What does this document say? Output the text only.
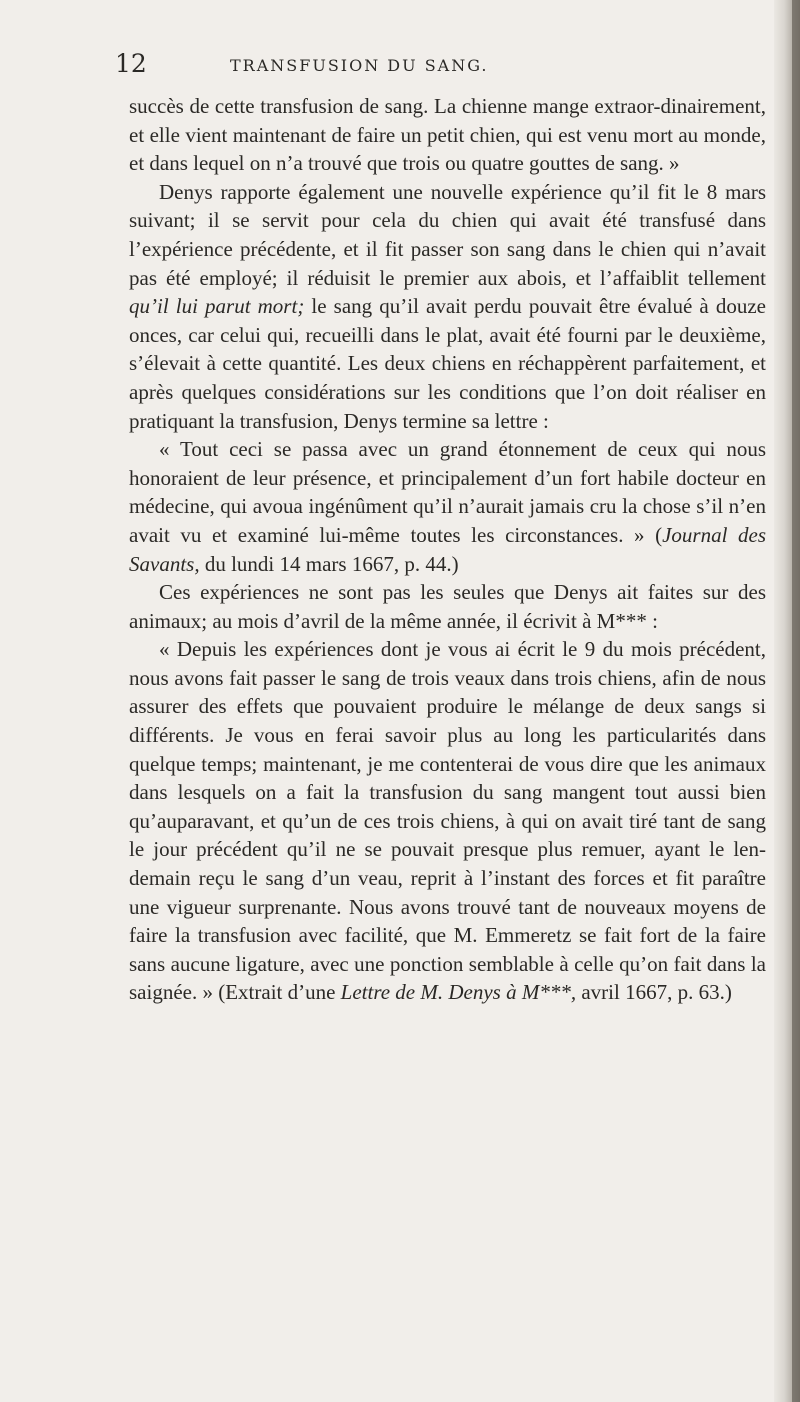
12	TRANSFUSION DU SANG.

succès de cette transfusion de sang. La chienne mange extraor-dinairement, et elle vient maintenant de faire un petit chien, qui est venu mort au monde, et dans lequel on n’a trouvé que trois ou quatre gouttes de sang. »

Denys rapporte également une nouvelle expérience qu’il fit le 8 mars suivant; il se servit pour cela du chien qui avait été transfusé dans l’expérience précédente, et il fit passer son sang dans le chien qui n’avait pas été employé; il réduisit le premier aux abois, et l’affaiblit tellement qu’il lui parut mort; le sang qu’il avait perdu pouvait être évalué à douze onces, car celui qui, recueilli dans le plat, avait été fourni par le deuxième, s’élevait à cette quantité. Les deux chiens en réchappèrent parfaitement, et après quelques considérations sur les conditions que l’on doit réaliser en pratiquant la transfusion, Denys termine sa lettre :

« Tout ceci se passa avec un grand étonnement de ceux qui nous honoraient de leur présence, et principalement d’un fort habile docteur en médecine, qui avoua ingénûment qu’il n’aurait jamais cru la chose s’il n’en avait vu et examiné lui-même toutes les circonstances. » (Journal des Savants, du lundi 14 mars 1667, p. 44.)

Ces expériences ne sont pas les seules que Denys ait faites sur des animaux; au mois d’avril de la même année, il écrivit à M*** :

« Depuis les expériences dont je vous ai écrit le 9 du mois précédent, nous avons fait passer le sang de trois veaux dans trois chiens, afin de nous assurer des effets que pouvaient produire le mélange de deux sangs si différents. Je vous en ferai savoir plus au long les particularités dans quelque temps; maintenant, je me contenterai de vous dire que les animaux dans lesquels on a fait la transfusion du sang mangent tout aussi bien qu’auparavant, et qu’un de ces trois chiens, à qui on avait tiré tant de sang le jour précédent qu’il ne se pouvait presque plus remuer, ayant le len-demain reçu le sang d’un veau, reprit à l’instant des forces et fit paraître une vigueur surprenante. Nous avons trouvé tant de nouveaux moyens de faire la transfusion avec facilité, que M. Emmeretz se fait fort de la faire sans aucune ligature, avec une ponction semblable à celle qu’on fait dans la saignée. » (Extrait d’une Lettre de M. Denys à M***, avril 1667, p. 63.)
